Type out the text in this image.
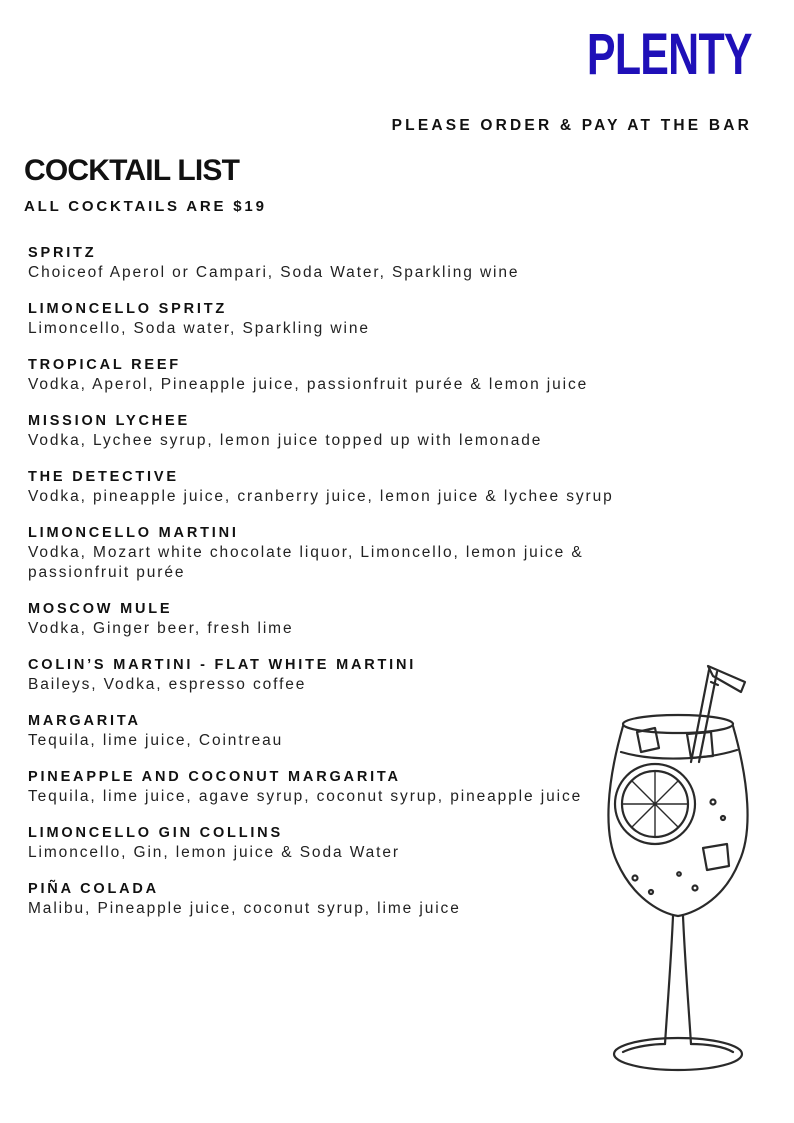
PLENTY
PLEASE ORDER & PAY AT THE BAR
COCKTAIL LIST
ALL COCKTAILS ARE $19
SPRITZ
Choiceof Aperol or Campari, Soda Water, Sparkling wine
LIMONCELLO SPRITZ
Limoncello, Soda water, Sparkling wine
TROPICAL REEF
Vodka, Aperol, Pineapple juice, passionfruit purée & lemon juice
MISSION LYCHEE
Vodka, Lychee syrup, lemon juice topped up with lemonade
THE DETECTIVE
Vodka, pineapple juice, cranberry juice, lemon juice & lychee syrup
LIMONCELLO MARTINI
Vodka, Mozart white chocolate liquor, Limoncello, lemon juice & passionfruit purée
MOSCOW MULE
Vodka, Ginger beer, fresh lime
COLIN’S MARTINI - FLAT WHITE MARTINI
Baileys, Vodka, espresso coffee
MARGARITA
Tequila, lime juice, Cointreau
PINEAPPLE AND COCONUT MARGARITA
Tequila, lime juice, agave syrup, coconut syrup, pineapple juice
LIMONCELLO GIN COLLINS
Limoncello, Gin, lemon juice & Soda Water
PIÑA COLADA
Malibu, Pineapple juice, coconut syrup, lime juice
